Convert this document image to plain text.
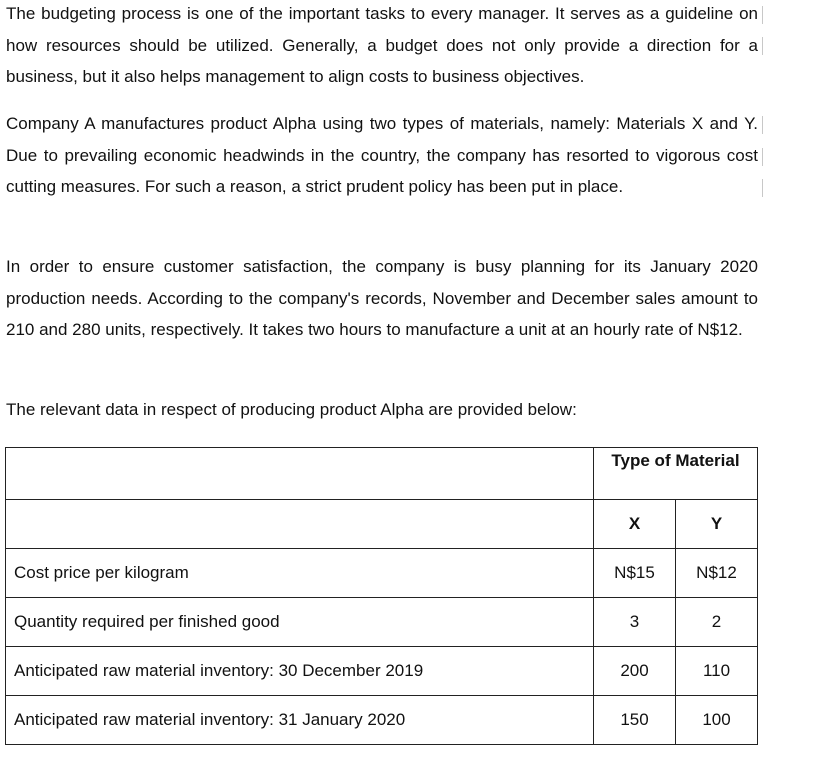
The budgeting process is one of the important tasks to every manager. It serves as a guideline on how resources should be utilized. Generally, a budget does not only provide a direction for a business, but it also helps management to align costs to business objectives.

Company A manufactures product Alpha using two types of materials, namely: Materials X and Y. Due to prevailing economic headwinds in the country, the company has resorted to vigorous cost cutting measures. For such a reason, a strict prudent policy has been put in place.

In order to ensure customer satisfaction, the company is busy planning for its January 2020 production needs. According to the company's records, November and December sales amount to 210 and 280 units, respectively. It takes two hours to manufacture a unit at an hourly rate of N$12.

The relevant data in respect of producing product Alpha are provided below:

	Type of Material	
	X	Y
Cost price per kilogram	N$15	N$12
Quantity required per finished good	3	2
Anticipated raw material inventory: 30 December 2019	200	110
Anticipated raw material inventory: 31 January 2020	150	100
